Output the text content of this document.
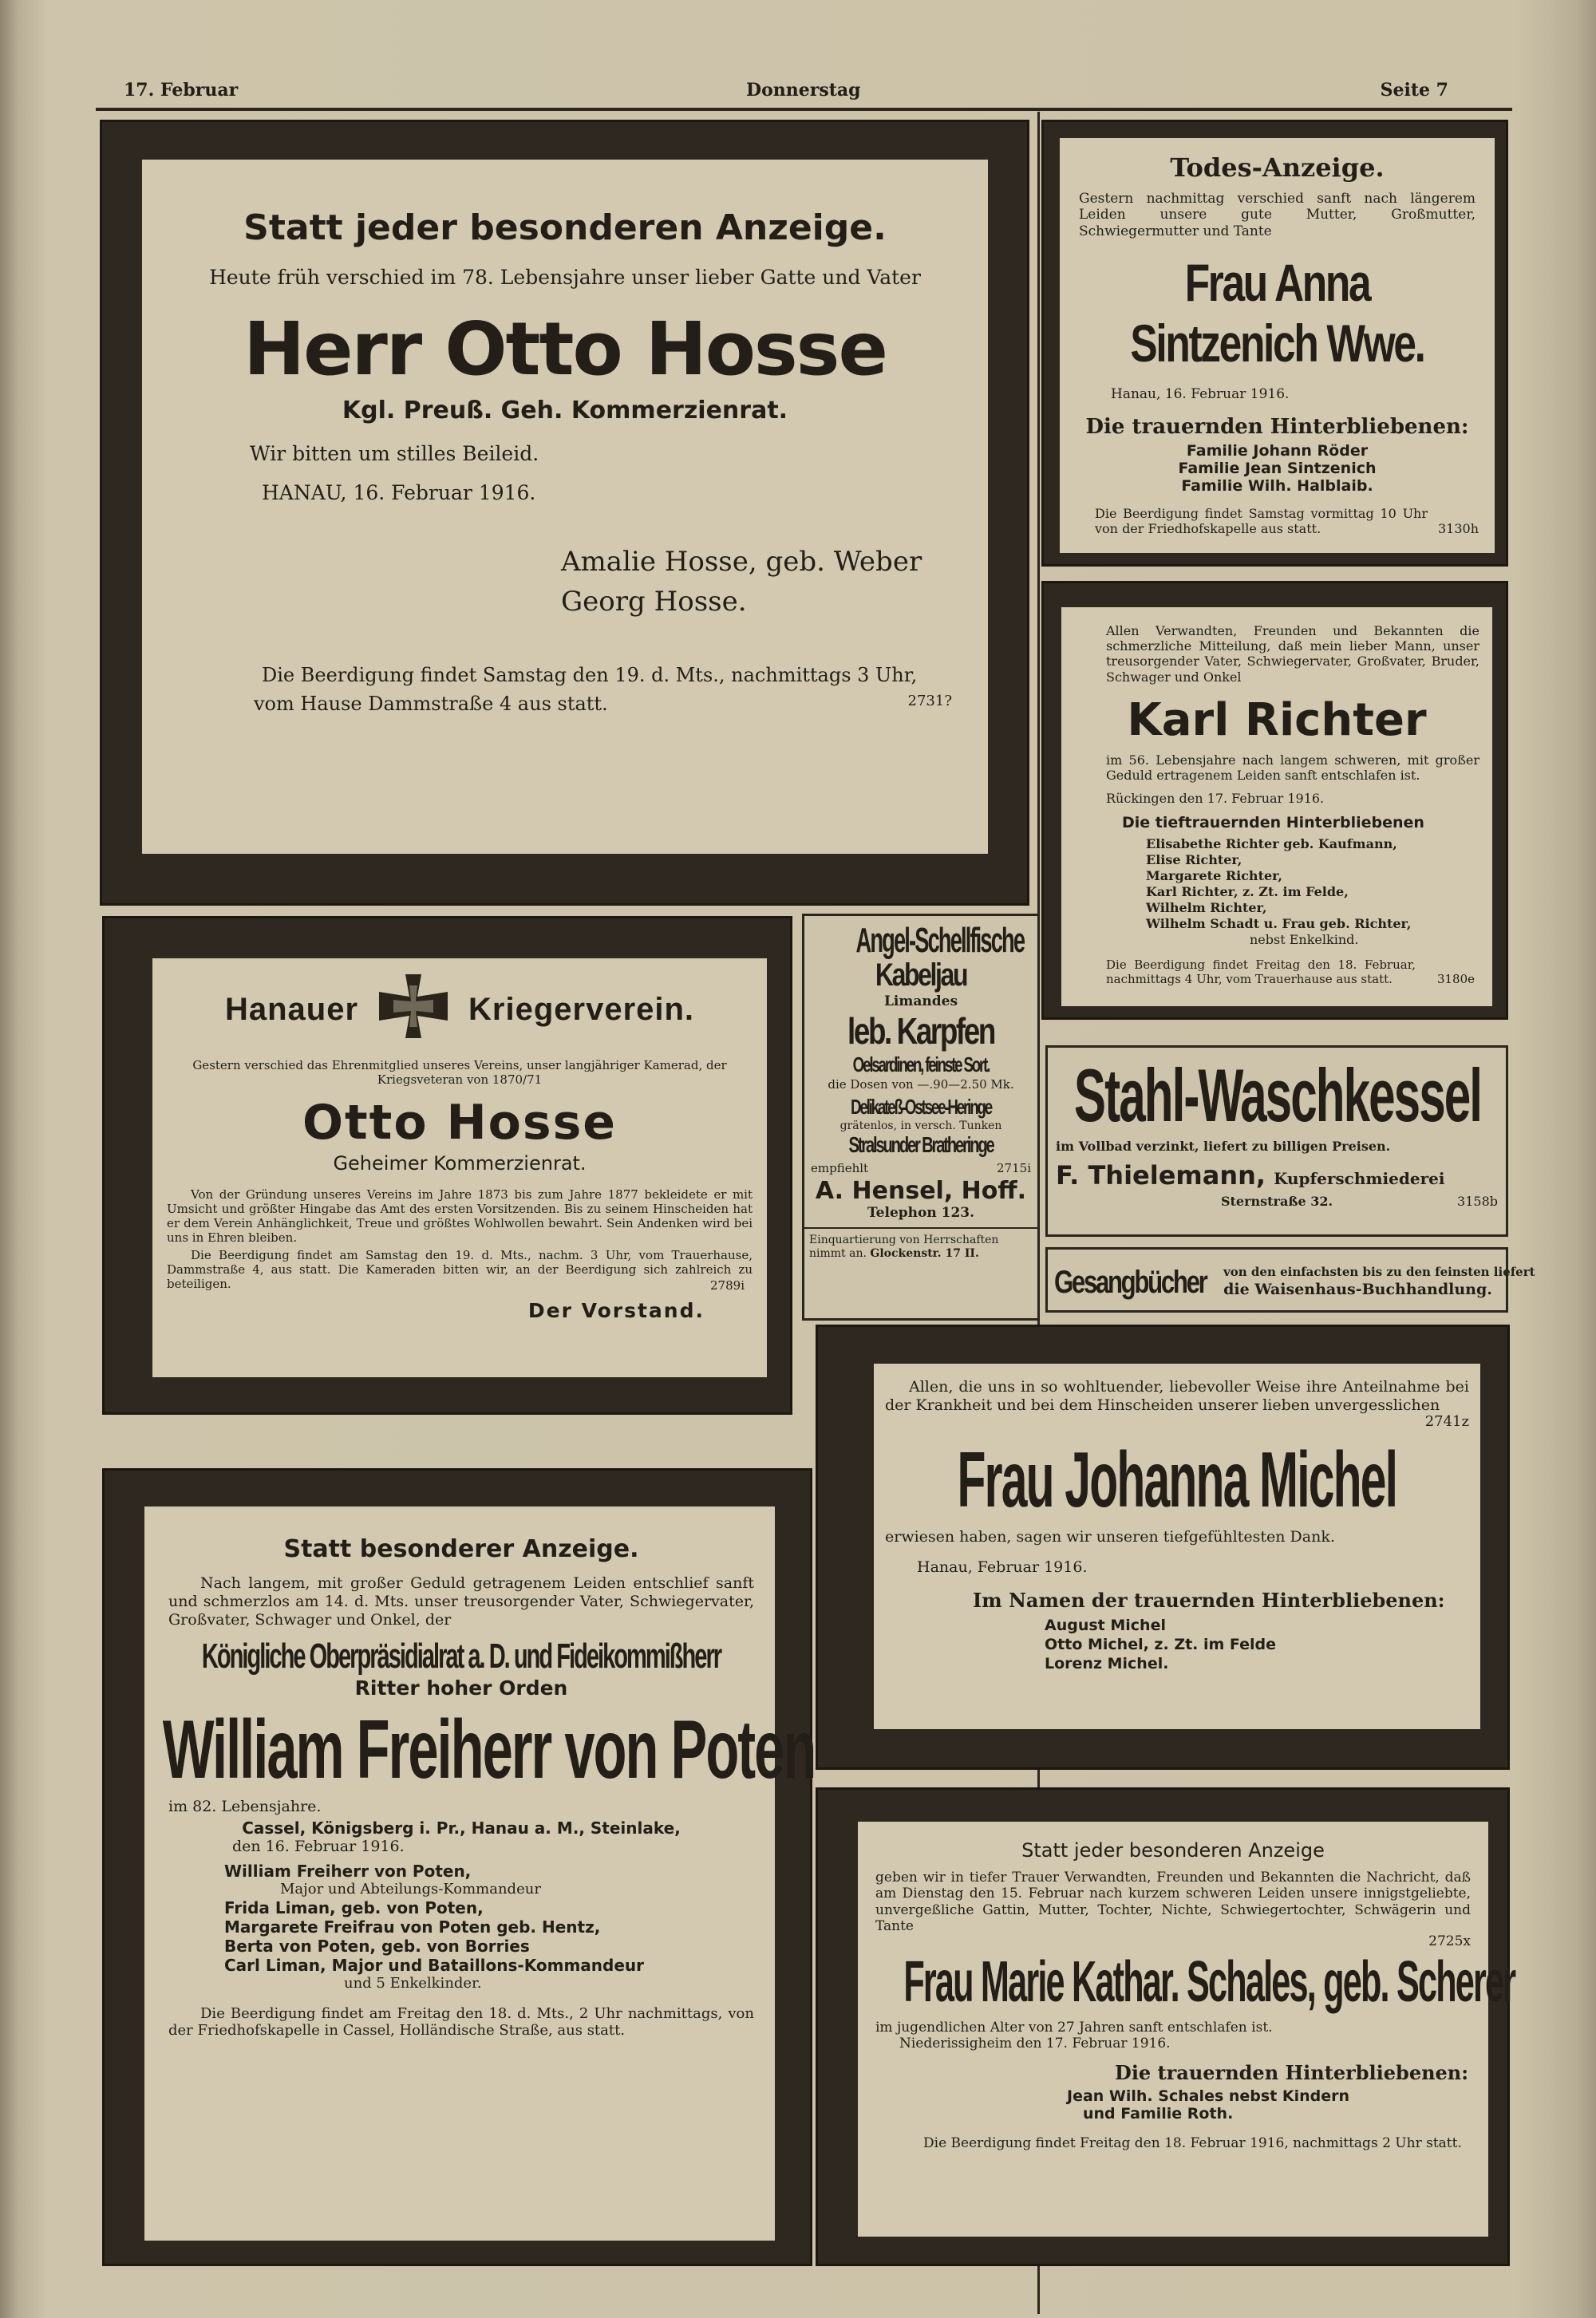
17. Februar	Donnerstag	Seite 7
Statt jeder besonderen Anzeige.
Heute früh verschied im 78. Lebensjahre unser lieber Gatte und Vater
Herr Otto Hosse
Kgl. Preuß. Geh. Kommerzienrat.
Wir bitten um stilles Beileid.
HANAU, 16. Februar 1916.
Amalie Hosse, geb. Weber
Georg Hosse.
Die Beerdigung findet Samstag den 19. d. Mts., nachmittags 3 Uhr,
vom Hause Dammstraße 4 aus statt.	2731?
Todes-Anzeige.
Gestern nachmittag verschied sanft nach längerem Leiden unsere gute Mutter, Großmutter, Schwiegermutter und Tante
Frau Anna Sintzenich Wwe.
Hanau, 16. Februar 1916.
Die trauernden Hinterbliebenen:
Familie Johann Röder
Familie Jean Sintzenich
Familie Wilh. Halblaib.
Die Beerdigung findet Samstag vormittag 10 Uhr von der Friedhofskapelle aus statt.	3130h
Allen Verwandten, Freunden und Bekannten die schmerzliche Mitteilung, daß mein lieber Mann, unser treusorgender Vater, Schwiegervater, Großvater, Bruder, Schwager und Onkel
Karl Richter
im 56. Lebensjahre nach langem schweren, mit großer Geduld ertragenem Leiden sanft entschlafen ist.
Rückingen den 17. Februar 1916.
Die tieftrauernden Hinterbliebenen
Elisabethe Richter geb. Kaufmann,
Elise Richter,
Margarete Richter,
Karl Richter, z. Zt. im Felde,
Wilhelm Richter,
Wilhelm Schadt u. Frau geb. Richter,
nebst Enkelkind.
Die Beerdigung findet Freitag den 18. Februar, nachmittags 4 Uhr, vom Trauerhause aus statt.	3180e
Hanauer	Kriegerverein.
Gestern verschied das Ehrenmitglied unseres Vereins, unser langjähriger Kamerad, der Kriegsveteran von 1870/71
Otto Hosse
Geheimer Kommerzienrat.
Von der Gründung unseres Vereins im Jahre 1873 bis zum Jahre 1877 bekleidete er mit Umsicht und größter Hingabe das Amt des ersten Vorsitzenden. Bis zu seinem Hinscheiden hat er dem Verein Anhänglichkeit, Treue und größtes Wohlwollen bewahrt. Sein Andenken wird bei uns in Ehren bleiben.
Die Beerdigung findet am Samstag den 19. d. Mts., nachm. 3 Uhr, vom Trauerhause, Dammstraße 4, aus statt. Die Kameraden bitten wir, an der Beerdigung sich zahlreich zu beteiligen.	2789i
Der Vorstand.
Angel-Schellfische
Kabeljau
Limandes
leb. Karpfen
Oelsardinen, feinste Sort.
die Dosen von —.90—2.50 Mk.
Delikateß-Ostsee-Heringe
grätenlos, in versch. Tunken
Stralsunder Bratheringe
empfiehlt	2715i
A. Hensel, Hoff.
Telephon 123.
Einquartierung von Herrschaften nimmt an. Glockenstr. 17 II.
Stahl-Waschkessel
im Vollbad verzinkt, liefert zu billigen Preisen.
F. Thielemann, Kupferschmiederei
Sternstraße 32.	3158b
Gesangbücher von den einfachsten bis zu den feinsten liefert
die Waisenhaus-Buchhandlung.
Statt besonderer Anzeige.
Nach langem, mit großer Geduld getragenem Leiden entschlief sanft und schmerzlos am 14. d. Mts. unser treusorgender Vater, Schwiegervater, Großvater, Schwager und Onkel, der
Königliche Oberpräsidialrat a. D. und Fideikommißherr
Ritter hoher Orden
William Freiherr von Poten
im 82. Lebensjahre.
Cassel, Königsberg i. Pr., Hanau a. M., Steinlake,
den 16. Februar 1916.
William Freiherr von Poten,
Major und Abteilungs-Kommandeur
Frida Liman, geb. von Poten,
Margarete Freifrau von Poten geb. Hentz,
Berta von Poten, geb. von Borries
Carl Liman, Major und Bataillons-Kommandeur
und 5 Enkelkinder.
Die Beerdigung findet am Freitag den 18. d. Mts., 2 Uhr nachmittags, von der Friedhofskapelle in Cassel, Holländische Straße, aus statt.
Allen, die uns in so wohltuender, liebevoller Weise ihre Anteilnahme bei der Krankheit und bei dem Hinscheiden unserer lieben unvergesslichen
2741z
Frau Johanna Michel
erwiesen haben, sagen wir unseren tiefgefühltesten Dank.
Hanau, Februar 1916.
Im Namen der trauernden Hinterbliebenen:
August Michel
Otto Michel, z. Zt. im Felde
Lorenz Michel.
Statt jeder besonderen Anzeige
geben wir in tiefer Trauer Verwandten, Freunden und Bekannten die Nachricht, daß am Dienstag den 15. Februar nach kurzem schweren Leiden unsere innigstgeliebte, unvergeßliche Gattin, Mutter, Tochter, Nichte, Schwiegertochter, Schwägerin und Tante
2725x
Frau Marie Kathar. Schales, geb. Scherer
im jugendlichen Alter von 27 Jahren sanft entschlafen ist.
Niederissigheim den 17. Februar 1916.
Die trauernden Hinterbliebenen:
Jean Wilh. Schales nebst Kindern
und Familie Roth.
Die Beerdigung findet Freitag den 18. Februar 1916, nachmittags 2 Uhr statt.
